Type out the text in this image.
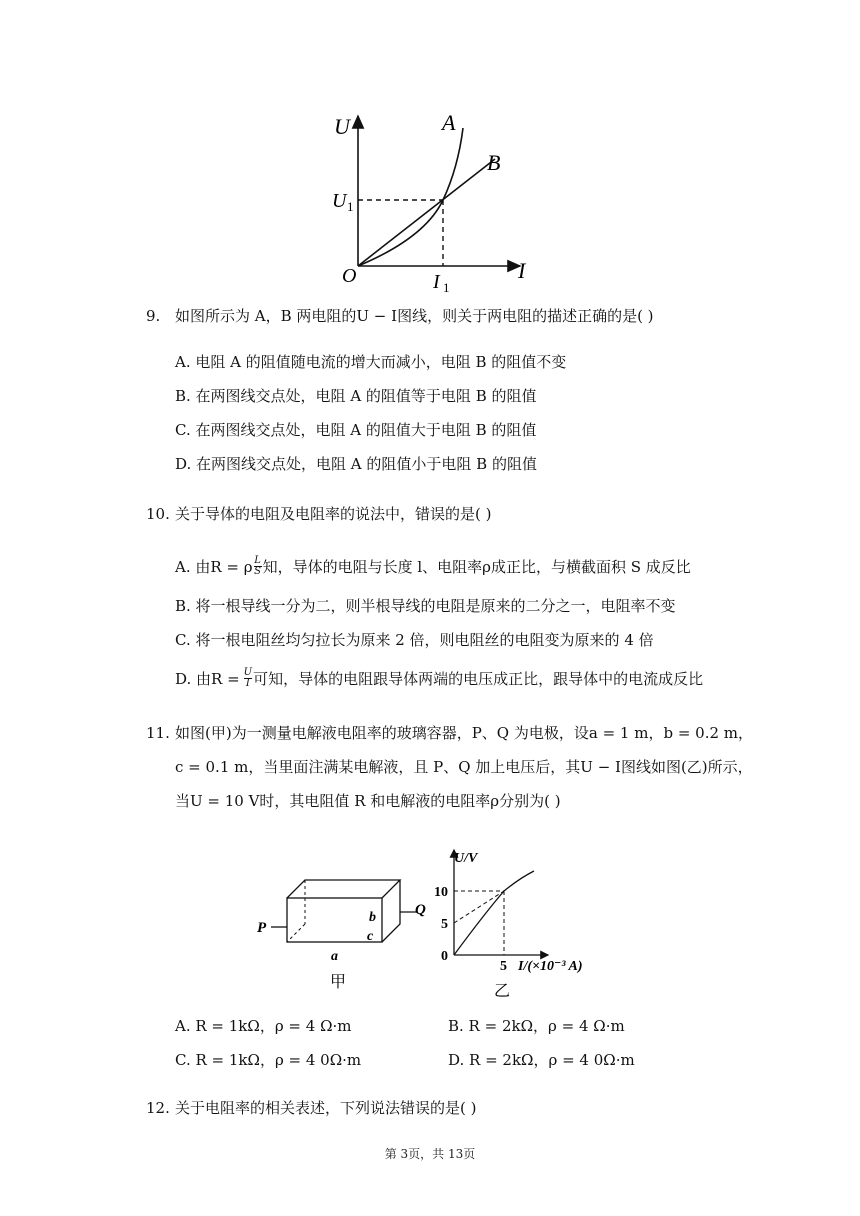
U
I
O
A
B
U 1
I 1
9. 如图所示为 A，B 两电阻的U − I图线，则关于两电阻的描述正确的是( )
A. 电阻 A 的阻值随电流的增大而减小，电阻 B 的阻值不变
B. 在两图线交点处，电阻 A 的阻值等于电阻 B 的阻值
C. 在两图线交点处，电阻 A 的阻值大于电阻 B 的阻值
D. 在两图线交点处，电阻 A 的阻值小于电阻 B 的阻值
10. 关于导体的电阻及电阻率的说法中，错误的是( )
A. 由R = ρ L
S 知，导体的电阻与长度 l、电阻率ρ成正比，与横截面积 S 成反比
B. 将一根导线一分为二，则半根导线的电阻是原来的二分之一，电阻率不变
C. 将一根电阻丝均匀拉长为原来 2 倍，则电阻丝的电阻变为原来的 4 倍
D. 由R = U
I 可知，导体的电阻跟导体两端的电压成正比，跟导体中的电流成反比
11. 如图(甲)为一测量电解液电阻率的玻璃容器，P、Q 为电极，设a = 1 m，b = 0.2 m，
c = 0.1 m，当里面注满某电解液，且 P、Q 加上电压后，其U − I图线如图(乙)所示，
当U = 10 V时，其电阻值 R 和电解液的电阻率ρ分别为( )
P
Q
b
c
a
甲
U/V
10
5
0
5 I/(×10⁻³ A)
乙
A. R = 1kΩ，ρ = 4 Ω·m	B. R = 2kΩ，ρ = 4 Ω·m
C. R = 1kΩ，ρ = 4 0Ω·m	D. R = 2kΩ，ρ = 4 0Ω·m
12. 关于电阻率的相关表述，下列说法错误的是( )
第 3页，共 13页
